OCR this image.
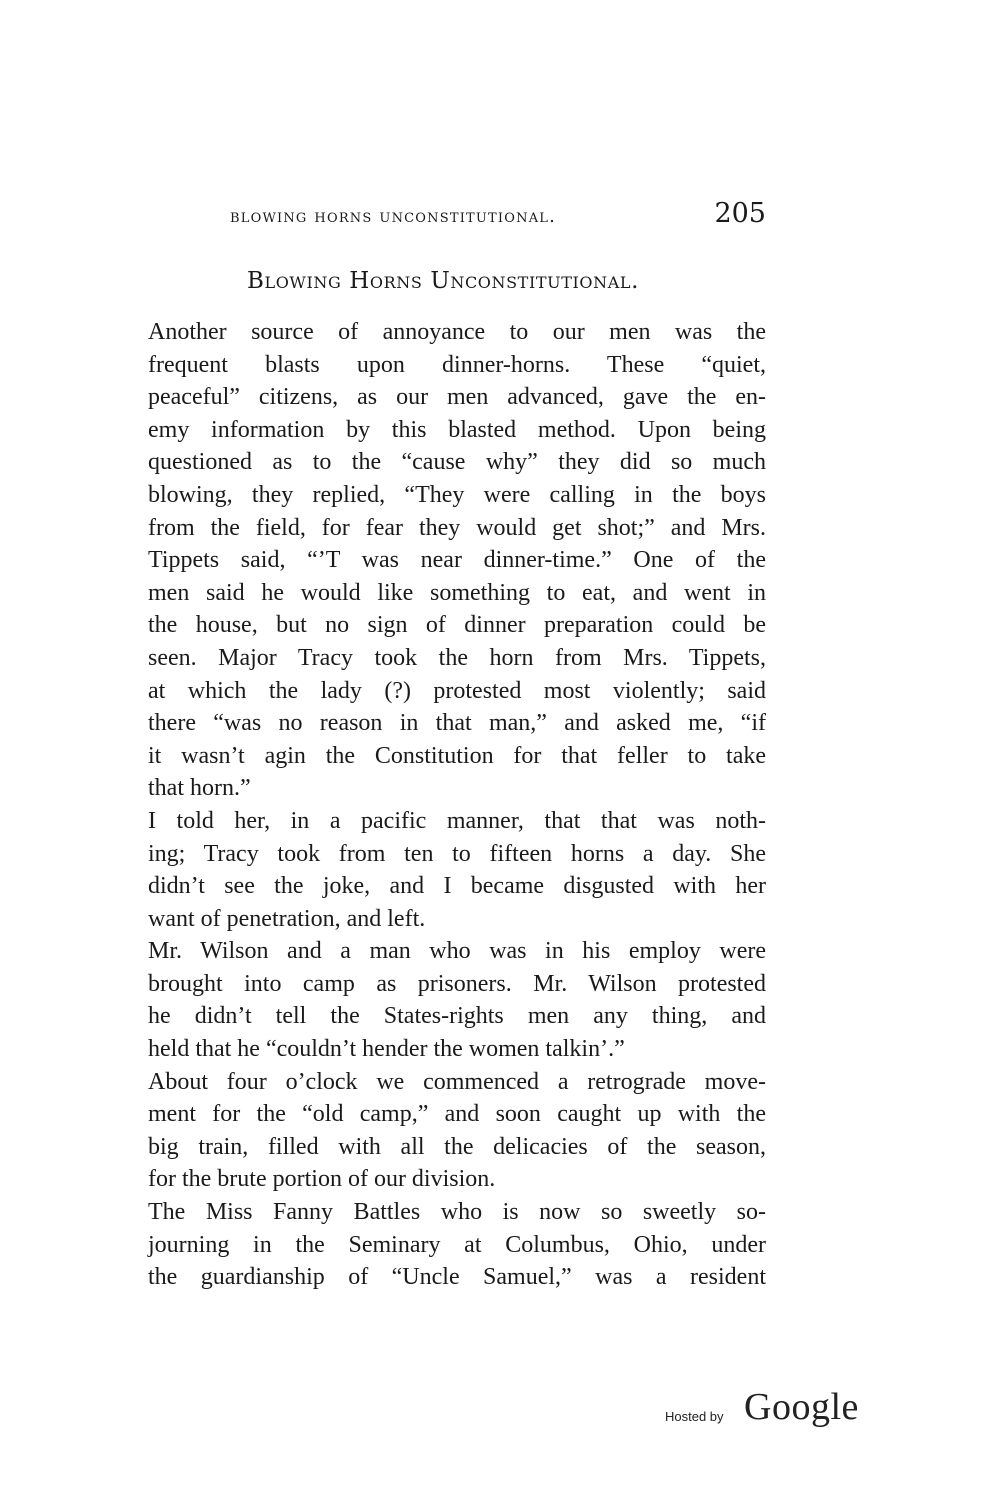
blowing horns unconstitutional.	205
Blowing Horns Unconstitutional.

Another source of annoyance to our men was the
frequent blasts upon dinner-horns. These “quiet,
peaceful” citizens, as our men advanced, gave the en-
emy information by this blasted method. Upon being
questioned as to the “cause why” they did so much
blowing, they replied, “They were calling in the boys
from the field, for fear they would get shot;” and Mrs.
Tippets said, “’T was near dinner-time.” One of the
men said he would like something to eat, and went in
the house, but no sign of dinner preparation could be
seen. Major Tracy took the horn from Mrs. Tippets,
at which the lady (?) protested most violently; said
there “was no reason in that man,” and asked me, “if
it wasn’t agin the Constitution for that feller to take
that horn.”

I told her, in a pacific manner, that that was noth-
ing; Tracy took from ten to fifteen horns a day. She
didn’t see the joke, and I became disgusted with her
want of penetration, and left.

Mr. Wilson and a man who was in his employ were
brought into camp as prisoners. Mr. Wilson protested
he didn’t tell the States-rights men any thing, and
held that he “couldn’t hender the women talkin’.”

About four o’clock we commenced a retrograde move-
ment for the “old camp,” and soon caught up with the
big train, filled with all the delicacies of the season,
for the brute portion of our division.

The Miss Fanny Battles who is now so sweetly so-
journing in the Seminary at Columbus, Ohio, under
the guardianship of “Uncle Samuel,” was a resident

Hosted by Google
